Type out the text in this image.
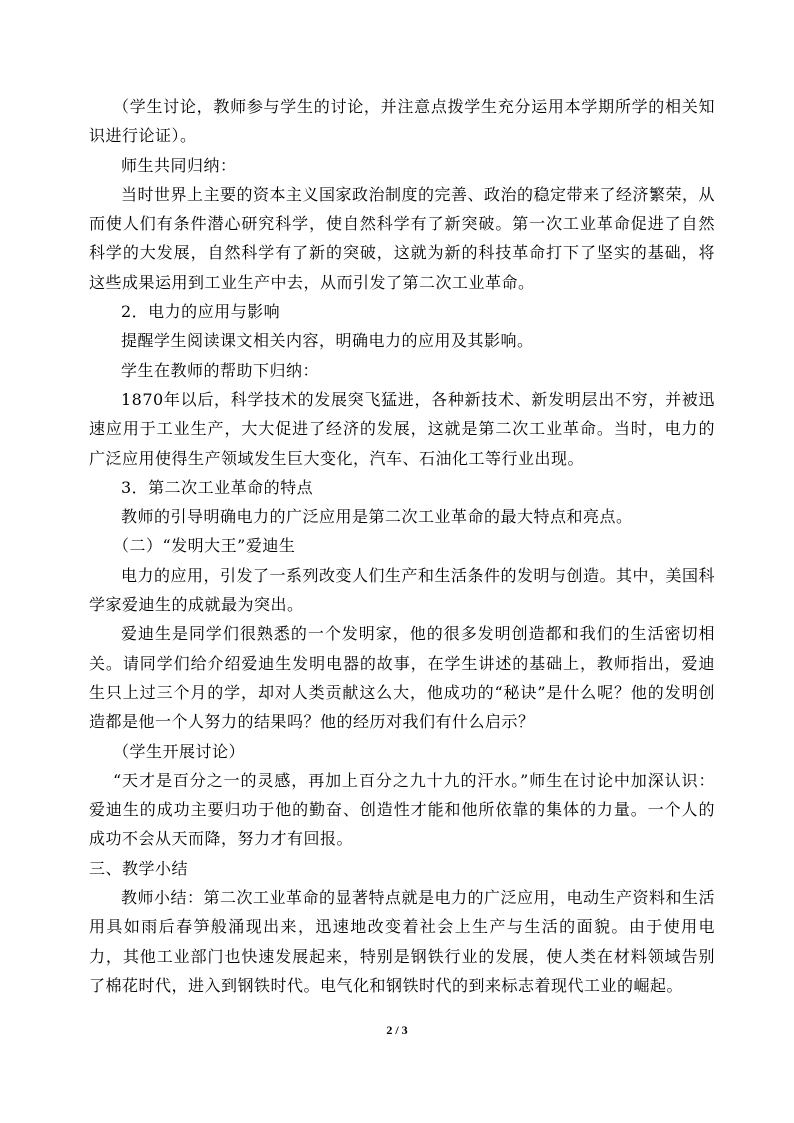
（学生讨论，教师参与学生的讨论，并注意点拨学生充分运用本学期所学的相关知识进行论证）。

师生共同归纳：

当时世界上主要的资本主义国家政治制度的完善、政治的稳定带来了经济繁荣，从而使人们有条件潜心研究科学，使自然科学有了新突破。第一次工业革命促进了自然科学的大发展，自然科学有了新的突破，这就为新的科技革命打下了坚实的基础，将这些成果运用到工业生产中去，从而引发了第二次工业革命。

2．电力的应用与影响

提醒学生阅读课文相关内容，明确电力的应用及其影响。

学生在教师的帮助下归纳：

1870年以后，科学技术的发展突飞猛进，各种新技术、新发明层出不穷，并被迅速应用于工业生产，大大促进了经济的发展，这就是第二次工业革命。当时，电力的广泛应用使得生产领域发生巨大变化，汽车、石油化工等行业出现。

3．第二次工业革命的特点

教师的引导明确电力的广泛应用是第二次工业革命的最大特点和亮点。

（二）“发明大王”爱迪生

电力的应用，引发了一系列改变人们生产和生活条件的发明与创造。其中，美国科学家爱迪生的成就最为突出。

爱迪生是同学们很熟悉的一个发明家，他的很多发明创造都和我们的生活密切相关。请同学们给介绍爱迪生发明电器的故事，在学生讲述的基础上，教师指出，爱迪生只上过三个月的学，却对人类贡献这么大，他成功的“秘诀”是什么呢？他的发明创造都是他一个人努力的结果吗？他的经历对我们有什么启示？

（学生开展讨论）

“天才是百分之一的灵感，再加上百分之九十九的汗水。”师生在讨论中加深认识：爱迪生的成功主要归功于他的勤奋、创造性才能和他所依靠的集体的力量。一个人的成功不会从天而降，努力才有回报。

三、教学小结

教师小结：第二次工业革命的显著特点就是电力的广泛应用，电动生产资料和生活用具如雨后春笋般涌现出来，迅速地改变着社会上生产与生活的面貌。由于使用电力，其他工业部门也快速发展起来，特别是钢铁行业的发展，使人类在材料领域告别了棉花时代，进入到钢铁时代。电气化和钢铁时代的到来标志着现代工业的崛起。

2 / 3
